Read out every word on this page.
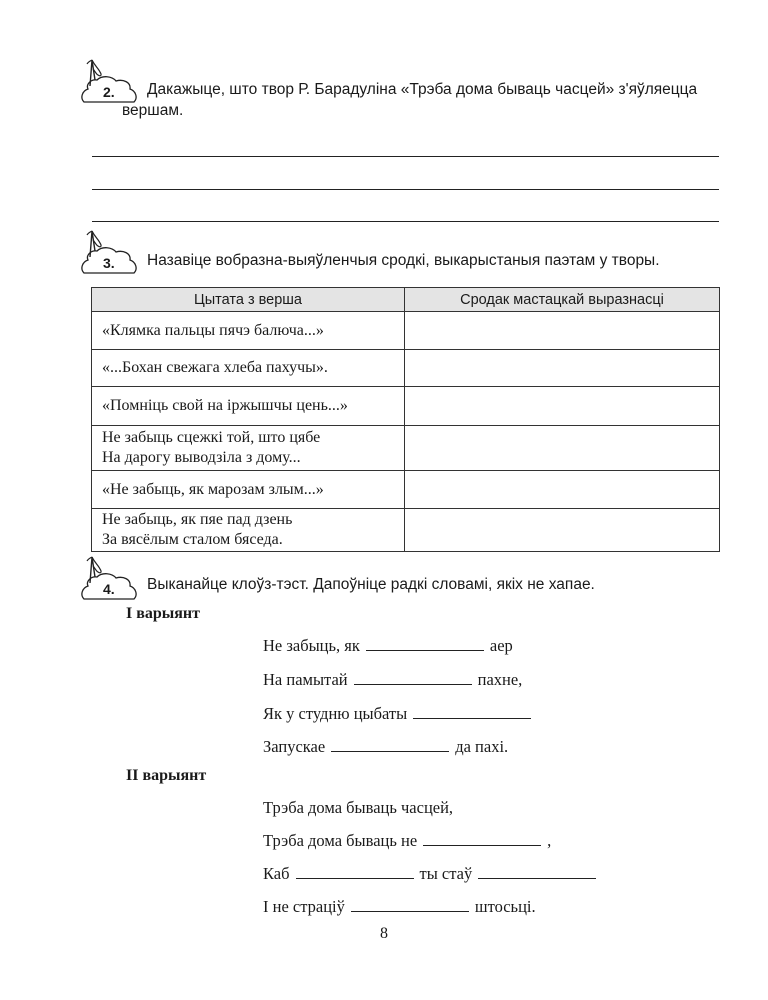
2. Дакажыце, што твор Р. Барадуліна «Трэба дома бываць часцей» з'яўляецца
вершам.
3. Назавіце вобразна-выяўленчыя сродкі, выкарыстаныя паэтам у творы.
Цытата з верша	Сродак мастацкай выразнасці

«Клямка пальцы пячэ балюча...»	

«...Бохан свежага хлеба пахучы».	

«Помніць свой на іржышчы цень...»	

Не забыць сцежкі той, што цябе
На дарогу выводзіла з дому...	

«Не забыць, як марозам злым...»	

Не забыць, як пяе пад дзень
За вясёлым сталом бяседа.	

4. Выканайце клоўз-тэст. Дапоўніце радкі словамі, якіх не хапае.
I варыянт
Не забыць, як	аер
На памытай	пахне,
Як у студню цыбаты
Запускае	да пахі.
II варыянт
Трэба дома бываць часцей,
Трэба дома бываць не	,
Каб	ты стаў
І не страціў	штосьці.
8
